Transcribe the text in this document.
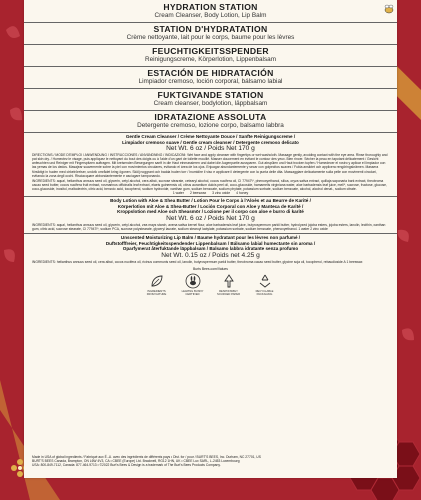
HYDRATION STATION
Cream Cleanser, Body Lotion, Lip Balm
STATION D'HYDRATATION
Crème nettoyante, lait pour le corps, baume pour les lèvres
FEUCHTIGKEITSSPENDER
Reinigungscreme, Körperlotion, Lippenbalsam
ESTACIÓN DE HIDRATACIÓN
Limpiador cremoso, loción corporal, bálsamo labial
FUKTGIVANDE STATION
Cream cleanser, bodylotion, läppbalsam
IDRATAZIONE ASSOLUTA
Detergente cremoso, lozione corpo, balsamo labbra
Gentle Cream Cleanser / Crème Nettoyante Douce / Sanfte Reinigungscreme /
Limpiador cremoso suave / Gentle cream cleanser / Detergente cremoso delicato
Net Wt. 6 oz / Poids Net 170 g
DIRECTIONS / MODE D'EMPLOI / ANWENDUNG / INSTRUCCIONES / ANVÄNDNING / INDICAZIONI: Wet face and apply cleanser with fingertips or wet washcloth. Massage gently, avoiding contact with the eye area. Rinse thoroughly and pat skin dry. / Humectez le visage, puis appliquez le nettoyant du bout des doigts ou à l'aide d'un gant de toilette mouillé. Masser doucement en évitant le contour des yeux. Bien rincer. Sécher la peau en tapotant délicatement / Gesicht anfeuchten und Reiniger mit Fingerspitzen auftragen. Mit kreisenden Bewegungen sanft in die Haut einmassieren und dabei die Augenpartie aussparen. Gut abspülen und Haut trocken tupfen / Humedecer el rostro y aplicar el limpiador con las yemas de los dedos. Masajear suavemente sobre la piel con movimientos circulares, evitando el área de los ojos. Enjuagar abundantemente y secar con golpecitos suaves / Fukta ansiktet och applicera rengöringskrämen. Massera försiktigt in huden med cirkelrörelser, undvik området kring ögonen. Skölj noggrant och badda huden torr / Inumidire il viso e applicare il detergente con la punta delle dita. Massaggiare delicatamente sulla pelle con movimenti circolari, evitando la zona degli occhi. Risciacquare abbondantemente e asciugare tamponando.
INGREDIENTS: aqua\, helianthus annuus seed oil, glycerin, cetyl alcohol, cera alba\, sucrose stearate, cetearyl alcohol, cocos nucifera oil, CI 77947\*, phenoxyethanol, silica, oryza sativa extract, quillaja saponaria bark extract, theobroma cacao seed butter, cocos nucifera fruit extract, rosmarinus officinalis leaf extract, elaeis guineensis oil, citrus aurantium dulcis peel oil, coco-glucoside, hamamelis virginiana water, aloe barbadensis leaf juice, mel\*, sucrose, fructose, glucose, coco-glucoside, inositol, maltodextrin, citric acid, benzoic acid, tocopherol, sodium hydroxide, xanthan gum, sodium benzoate, sodium phytate, potassium sorbate, sodium benzoate, alcohol, alcohol denat., sodium citrate.
1 water 2 beeswax 3 zinc oxide 4 honey
Body Lotion with Aloe & Shea Butter / Lotion Pour le Corps à l'Aloès et au Beurre de Karité /
Körperlotion mit Aloe & Shea-Butter / Loción Corporal con Aloe y Manteca de Karité /
Kroppslotion med Aloe och Sheasmör / Lozione per il corpo con aloe e burro di karité
Net Wt. 6 oz / Poids Net 170 g
INGREDIENTS: aqua\, helianthus annuus seed oil, glycerin, cetyl alcohol, zea mays starch, avena sativa kernel flour, aloe barbadensis leaf juice, butyrospermum parkii butter, hydrolyzed jojoba esters, jojoba esters, lanolin, lecithin, xanthan gum, citric acid, sucrose stearate, CI 77947\*, sodium PCA, sucrose polystearate, glyceryl laurate, sodium stearoyl lactylate, potassium sorbate, sodium benzoate, phenoxyethanol. 1 water 2 zinc oxide
Unscented Moisturizing Lip Balm / Baume hydratant pour les lèvres non parfumé /
Duftstofffreier, Feuchtigkeitsspendender Lippenbalsam / Bálsamo labial humectante sin aroma /
Oparfymerat återfuktande läppbalsam / Balsamo labbra idratante senza profumo
Net Wt. 0.15 oz / Poids net 4.25 g
INGREDIENTS: helianthus annuus seed oil, cera alba\, cocos nucifera oil, ricinus communis seed oil, lanolin, butyrospermum parkii butter, theobroma cacao seed butter, glycine soja oil, tocopherol, rebaudioside A 1 beeswax
Burts Bees.com/Values
INGREDIENTS FROM NATURE
LEAPING BUNNY CERTIFIED
RESPONSIBLY SOURCED PAPER
RECYCLABLE PACKAGING
Made in USA of global ingredients / Fabriqué aux É.-U. avec des ingrédients de différents pays • Dist. for / pour / BURT'S BEES, Inc. Durham, NC 27701, US
BURT'S BEES Canada, Brampton, ON L6W 4V3, CA • CBEE (Europe) Ltd. Bracknell, RG12 1HN, UK • CBEE Lux SARL, L-2453 Luxembourg
USA: 800-849-7112, Canada: 877-464-9713 • ©2022 Burt's Bees & Design is a trademark of The Burt's Bees Products Company.
